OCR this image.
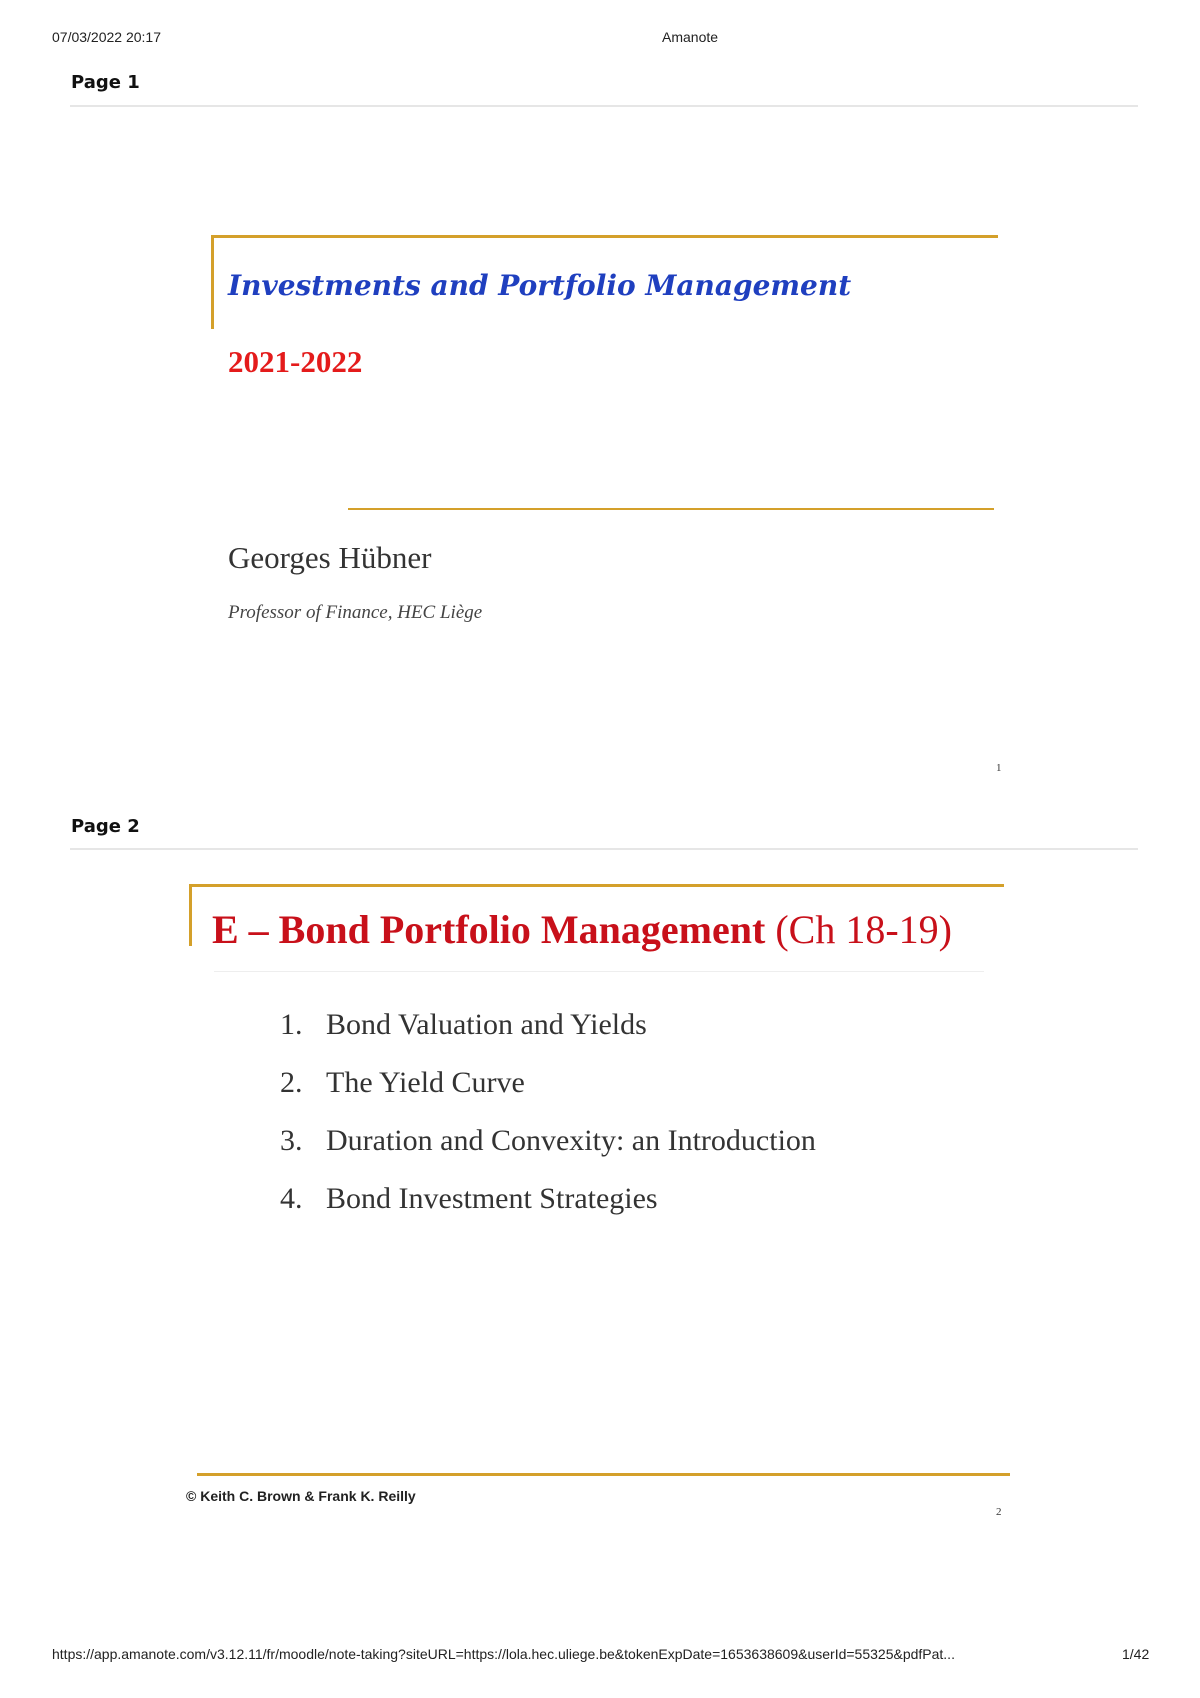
07/03/2022 20:17	Amanote
Page 1
Investments and Portfolio Management
2021-2022
Georges Hübner
Professor of Finance, HEC Liège
1
Page 2
E – Bond Portfolio Management (Ch 18-19)
1. Bond Valuation and Yields
2. The Yield Curve
3. Duration and Convexity: an Introduction
4. Bond Investment Strategies
© Keith C. Brown & Frank K. Reilly
2
https://app.amanote.com/v3.12.11/fr/moodle/note-taking?siteURL=https://lola.hec.uliege.be&tokenExpDate=1653638609&userId=55325&pdfPat...	1/42
